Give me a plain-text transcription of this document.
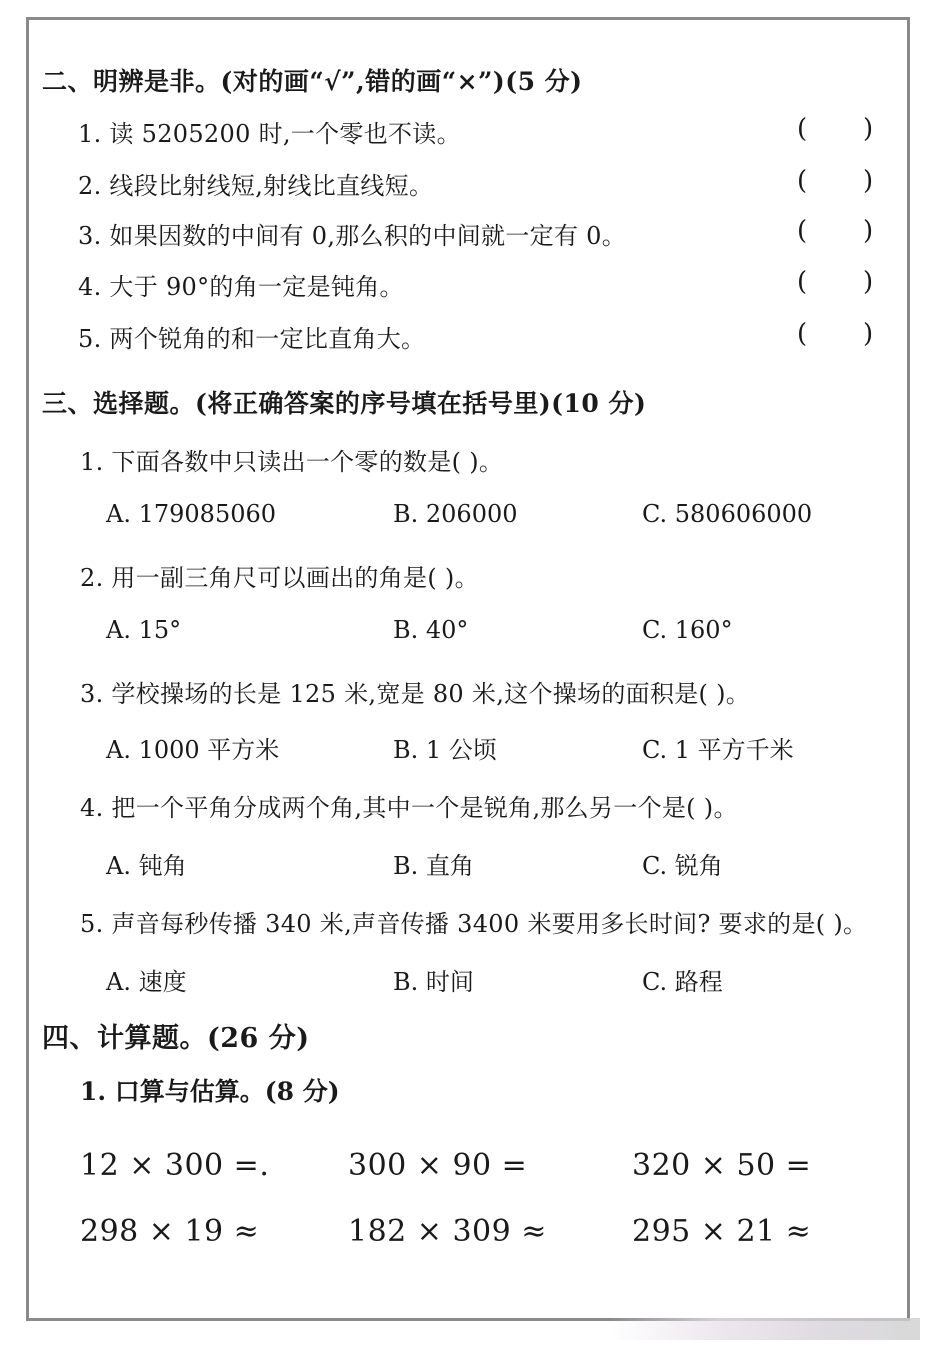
二、明辨是非。(对的画“√”,错的画“×”)(5 分)
1. 读 5205200 时,一个零也不读。	( )
2. 线段比射线短,射线比直线短。	( )
3. 如果因数的中间有 0,那么积的中间就一定有 0。	( )
4. 大于 90°的角一定是钝角。	( )
5. 两个锐角的和一定比直角大。	( )
三、选择题。(将正确答案的序号填在括号里)(10 分)
1. 下面各数中只读出一个零的数是( )。
A. 179085060	B. 206000	C. 580606000
2. 用一副三角尺可以画出的角是( )。
A. 15°	B. 40°	C. 160°
3. 学校操场的长是 125 米,宽是 80 米,这个操场的面积是( )。
A. 1000 平方米	B. 1 公顷	C. 1 平方千米
4. 把一个平角分成两个角,其中一个是锐角,那么另一个是( )。
A. 钝角	B. 直角	C. 锐角
5. 声音每秒传播 340 米,声音传播 3400 米要用多长时间? 要求的是( )。
A. 速度	B. 时间	C. 路程
四、计算题。(26 分)
1. 口算与估算。(8 分)
12 × 300 =.	300 × 90 =	320 × 50 =
298 × 19 ≈	182 × 309 ≈	295 × 21 ≈
